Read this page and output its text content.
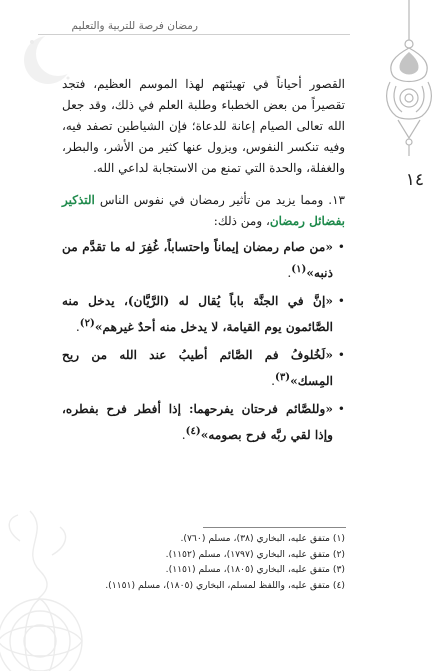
رمضان فرصة للتربية والتعليم
١٤

القصور أحياناً في تهيئتهم لهذا الموسم العظيم، فتجد تقصيراً من بعض الخطباء وطلبة العلم في ذلك، وقد جعل الله تعالى الصيام إعانة للدعاة؛ فإن الشياطين تصفد فيه، وفيه تنكسر النفوس، ويزول عنها كثير من الأشر، والبطر، والغفلة، والحدة التي تمنع من الاستجابة لداعي الله.

١٣. ومما يزيد من تأثير رمضان في نفوس الناس التذكير بفضائل رمضان، ومن ذلك:

• «من صام رمضان إيماناً واحتساباً، غُفِرَ له ما تقدَّم من ذنبه»$^{(١)}$.
• «إنَّ في الجنَّة باباً يُقال له (الرَّيَّان)، يدخل منه الصَّائمون يوم القيامة، لا يدخل منه أحدٌ غيرهم»$^{(٢)}$.
• «لَخُلوفُ فم الصَّائم أطيبُ عند الله من ريح المِسك»$^{(٣)}$.
• «وللصَّائم فرحتان يفرحهما: إذا أفطر فرح بفطره، وإذا لقي ربَّه فرح بصومه»$^{(٤)}$.
(١) متفق عليه، البخاري (٣٨)، مسلم (٧٦٠).
(٢) متفق عليه، البخاري (١٧٩٧)، مسلم (١١٥٢).
(٣) متفق عليه، البخاري (١٨٠٥)، مسلم (١١٥١).
(٤) متفق عليه، واللفظ لمسلم، البخاري (١٨٠٥)، مسلم (١١٥١).
